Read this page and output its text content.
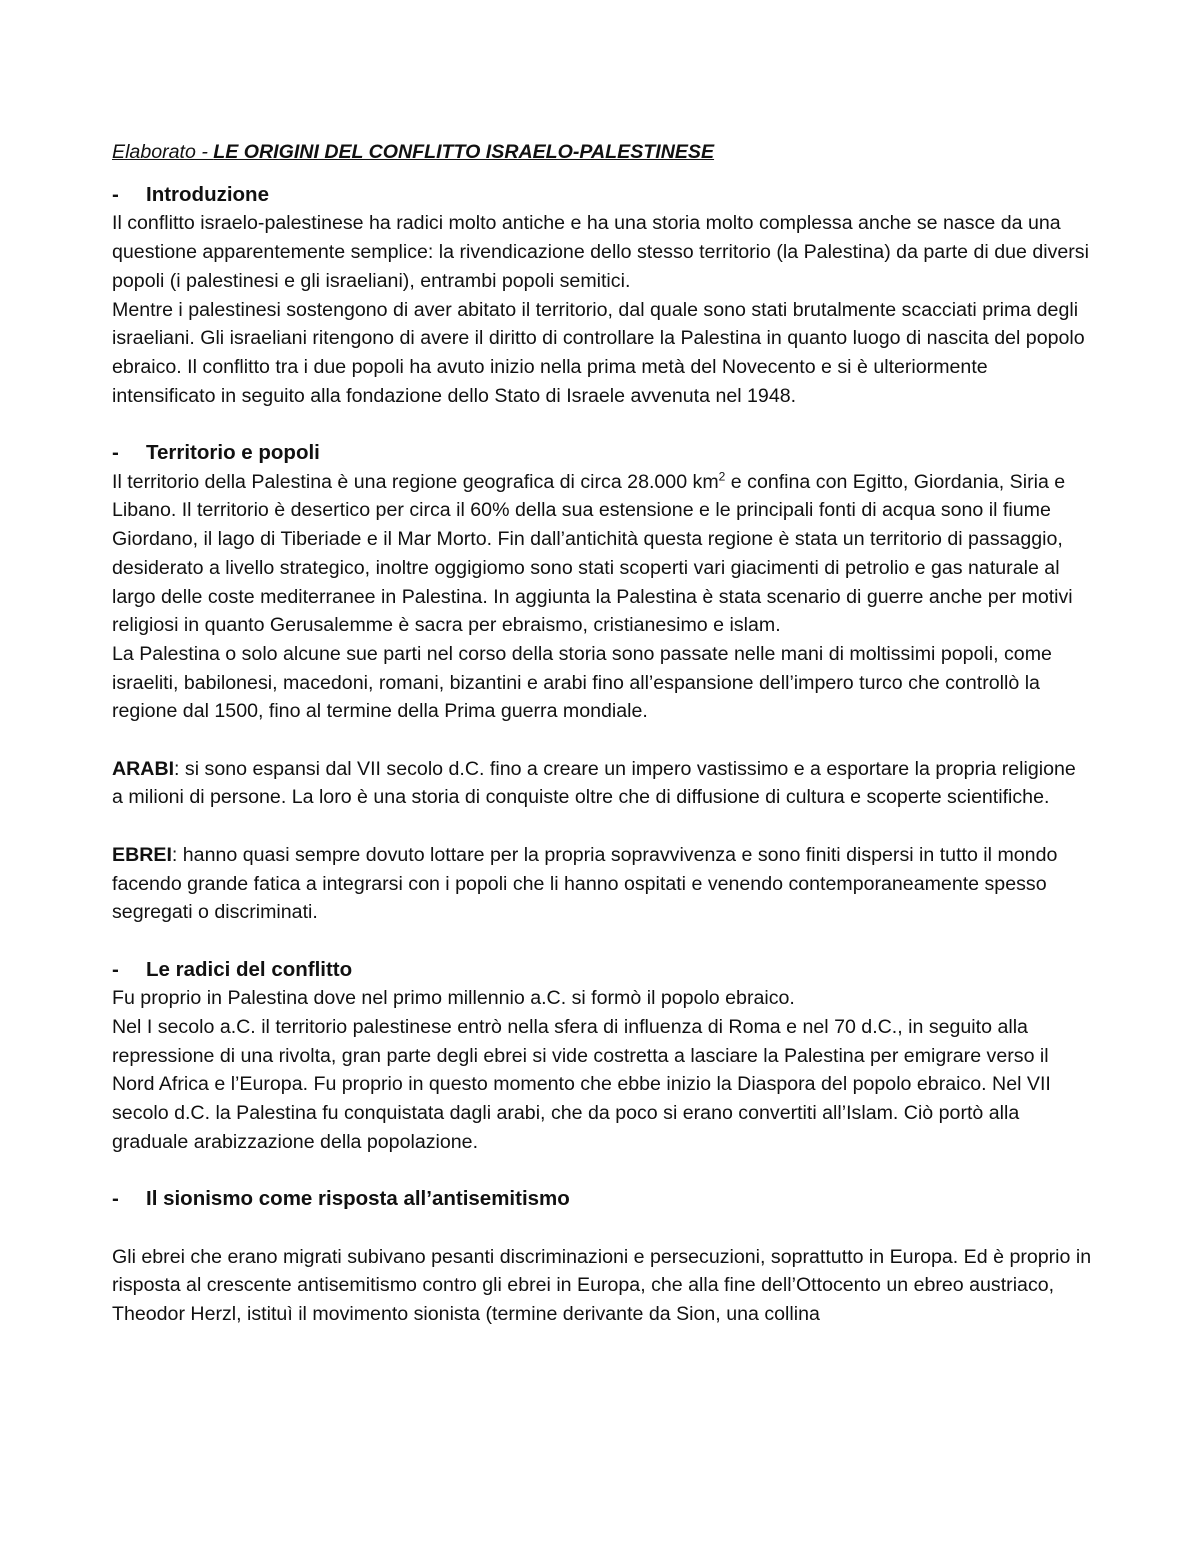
Elaborato - LE ORIGINI DEL CONFLITTO ISRAELO-PALESTINESE

-	Introduzione

Il conflitto israelo-palestinese ha radici molto antiche e ha una storia molto complessa anche se nasce da una questione apparentemente semplice: la rivendicazione dello stesso territorio (la Palestina) da parte di due diversi popoli (i palestinesi e gli israeliani), entrambi popoli semitici.

Mentre i palestinesi sostengono di aver abitato il territorio, dal quale sono stati brutalmente scacciati prima degli israeliani. Gli israeliani ritengono di avere il diritto di controllare la Palestina in quanto luogo di nascita del popolo ebraico. Il conflitto tra i due popoli ha avuto inizio nella prima metà del Novecento e si è ulteriormente intensificato in seguito alla fondazione dello Stato di Israele avvenuta nel 1948.

-	Territorio e popoli

Il territorio della Palestina è una regione geografica di circa 28.000 $km^2$ e confina con Egitto, Giordania, Siria e Libano. Il territorio è desertico per circa il 60% della sua estensione e le principali fonti di acqua sono il fiume Giordano, il lago di Tiberiade e il Mar Morto. Fin dall’antichità questa regione è stata un territorio di passaggio, desiderato a livello strategico, inoltre oggigiomo sono stati scoperti vari giacimenti di petrolio e gas naturale al largo delle coste mediterranee in Palestina. In aggiunta la Palestina è stata scenario di guerre anche per motivi religiosi in quanto Gerusalemme è sacra per ebraismo, cristianesimo e islam.

La Palestina o solo alcune sue parti nel corso della storia sono passate nelle mani di moltissimi popoli, come israeliti, babilonesi, macedoni, romani, bizantini e arabi fino all’espansione dell’impero turco che controllò la regione dal 1500, fino al termine della Prima guerra mondiale.

ARABI: si sono espansi dal VII secolo d.C. fino a creare un impero vastissimo e a esportare la propria religione a milioni di persone. La loro è una storia di conquiste oltre che di diffusione di cultura e scoperte scientifiche.

EBREI: hanno quasi sempre dovuto lottare per la propria sopravvivenza e sono finiti dispersi in tutto il mondo facendo grande fatica a integrarsi con i popoli che li hanno ospitati e venendo contemporaneamente spesso segregati o discriminati.

-	Le radici del conflitto

Fu proprio in Palestina dove nel primo millennio a.C. si formò il popolo ebraico.

Nel I secolo a.C. il territorio palestinese entrò nella sfera di influenza di Roma e nel 70 d.C., in seguito alla repressione di una rivolta, gran parte degli ebrei si vide costretta a lasciare la Palestina per emigrare verso il Nord Africa e l’Europa. Fu proprio in questo momento che ebbe inizio la Diaspora del popolo ebraico. Nel VII secolo d.C. la Palestina fu conquistata dagli arabi, che da poco si erano convertiti all’Islam. Ciò portò alla graduale arabizzazione della popolazione.

-	Il sionismo come risposta all’antisemitismo

Gli ebrei che erano migrati subivano pesanti discriminazioni e persecuzioni, soprattutto in Europa. Ed è proprio in risposta al crescente antisemitismo contro gli ebrei in Europa, che alla fine dell’Ottocento un ebreo austriaco, Theodor Herzl, istituì il movimento sionista (termine derivante da Sion, una collina
